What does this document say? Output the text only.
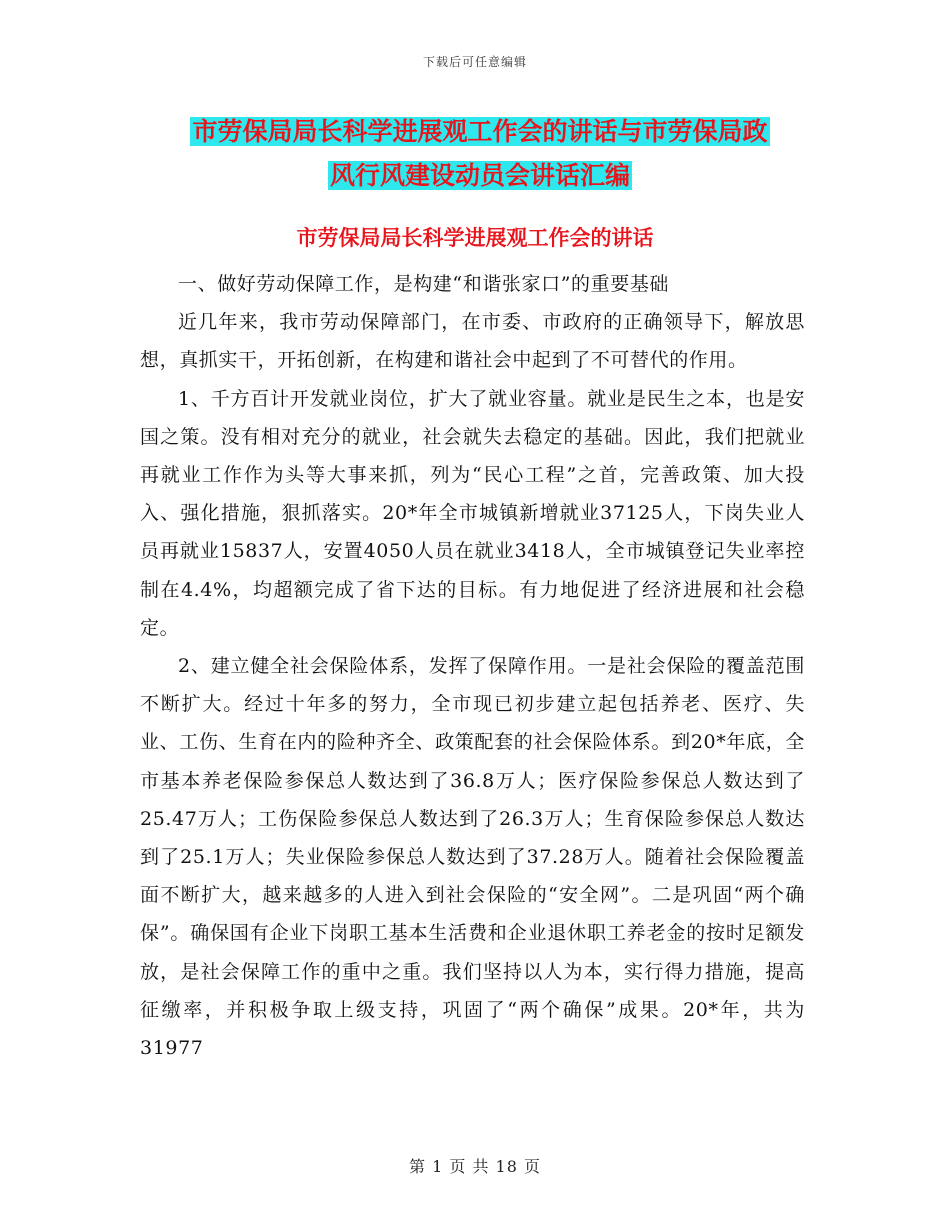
下载后可任意编辑
市劳保局局长科学进展观工作会的讲话与市劳保局政
风行风建设动员会讲话汇编
市劳保局局长科学进展观工作会的讲话

一、做好劳动保障工作，是构建“和谐张家口”的重要基础

近几年来，我市劳动保障部门，在市委、市政府的正确领导下，解放思想，真抓实干，开拓创新，在构建和谐社会中起到了不可替代的作用。

1、千方百计开发就业岗位，扩大了就业容量。就业是民生之本，也是安国之策。没有相对充分的就业，社会就失去稳定的基础。因此，我们把就业再就业工作作为头等大事来抓，列为“民心工程”之首，完善政策、加大投入、强化措施，狠抓落实。20*年全市城镇新增就业37125人，下岗失业人员再就业15837人，安置4050人员在就业3418人，全市城镇登记失业率控制在4.4%，均超额完成了省下达的目标。有力地促进了经济进展和社会稳定。

2、建立健全社会保险体系，发挥了保障作用。一是社会保险的覆盖范围不断扩大。经过十年多的努力，全市现已初步建立起包括养老、医疗、失业、工伤、生育在内的险种齐全、政策配套的社会保险体系。到20*年底，全市基本养老保险参保总人数达到了36.8万人；医疗保险参保总人数达到了25.47万人；工伤保险参保总人数达到了26.3万人；生育保险参保总人数达到了25.1万人；失业保险参保总人数达到了37.28万人。随着社会保险覆盖面不断扩大，越来越多的人进入到社会保险的“安全网”。二是巩固“两个确保”。确保国有企业下岗职工基本生活费和企业退休职工养老金的按时足额发放，是社会保障工作的重中之重。我们坚持以人为本，实行得力措施，提高征缴率，并积极争取上级支持，巩固了“两个确保”成果。20*年，共为31977

第 1 页 共 18 页
